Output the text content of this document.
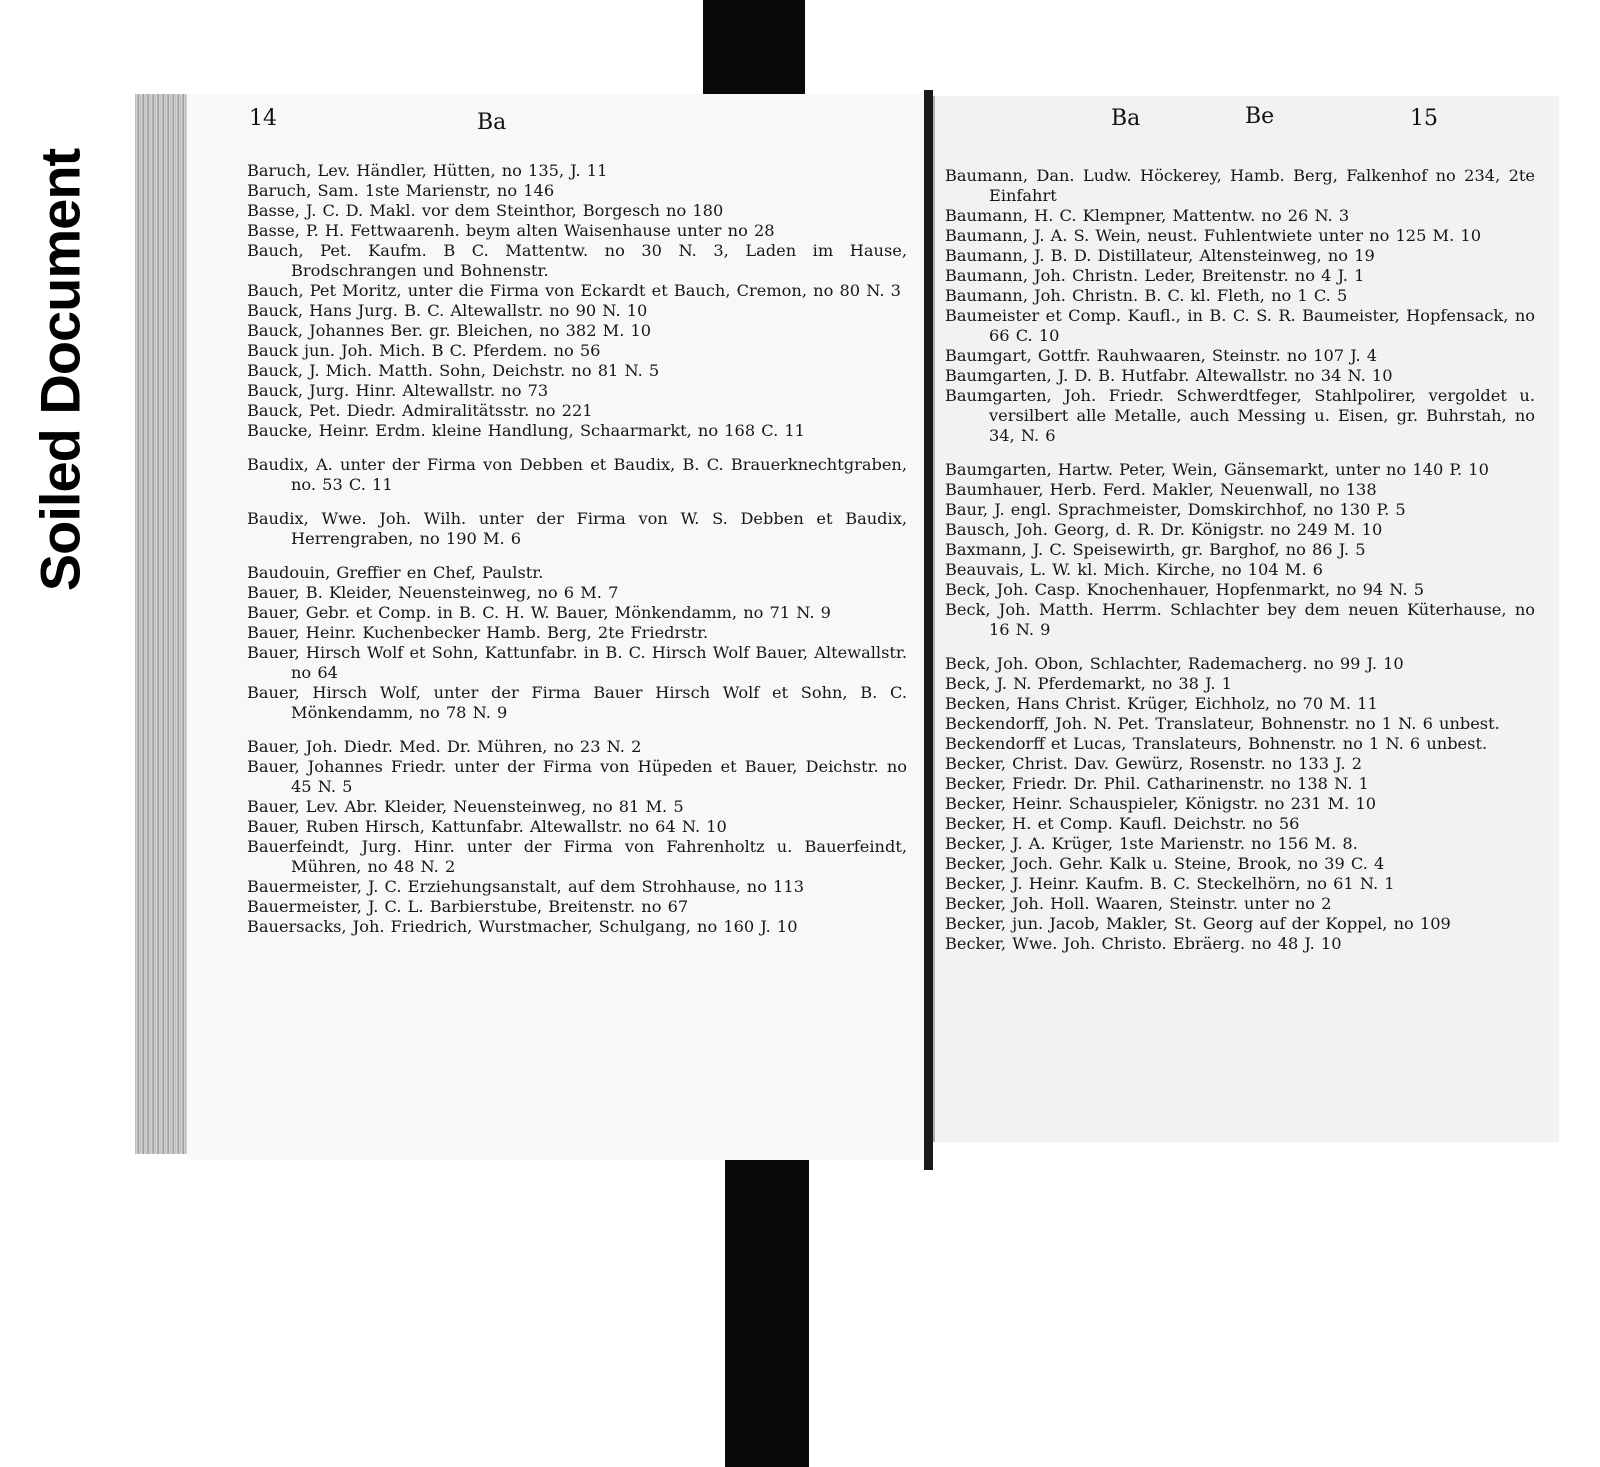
Soiled Document
14	Ba
Baruch, Lev. Händler, Hütten, no 135, J. 11
Baruch, Sam. 1ste Marienstr, no 146
Basse, J. C. D. Makl. vor dem Steinthor, Borgesch no 180
Basse, P. H. Fettwaarenh. beym alten Waisenhause unter no 28
Bauch, Pet. Kaufm. B C. Mattentw. no 30 N. 3, Laden im Hause, Brodschrangen und Bohnenstr.
Bauch, Pet Moritz, unter die Firma von Eckardt et Bauch, Cremon, no 80 N. 3
Bauck, Hans Jurg. B. C. Altewallstr. no 90 N. 10
Bauck, Johannes Ber. gr. Bleichen, no 382 M. 10
Bauck jun. Joh. Mich. B C. Pferdem. no 56
Bauck, J. Mich. Matth. Sohn, Deichstr. no 81 N. 5
Bauck, Jurg. Hinr. Altewallstr. no 73
Bauck, Pet. Diedr. Admiralitätsstr. no 221
Baucke, Heinr. Erdm. kleine Handlung, Schaarmarkt, no 168 C. 11
Baudix, A. unter der Firma von Debben et Baudix, B. C. Brauerknechtgraben, no. 53 C. 11
Baudix, Wwe. Joh. Wilh. unter der Firma von W. S. Debben et Baudix, Herrengraben, no 190 M. 6
Baudouin, Greffier en Chef, Paulstr.
Bauer, B. Kleider, Neuensteinweg, no 6 M. 7
Bauer, Gebr. et Comp. in B. C. H. W. Bauer, Mönkendamm, no 71 N. 9
Bauer, Heinr. Kuchenbecker Hamb. Berg, 2te Friedrstr.
Bauer, Hirsch Wolf et Sohn, Kattunfabr. in B. C. Hirsch Wolf Bauer, Altewallstr. no 64
Bauer, Hirsch Wolf, unter der Firma Bauer Hirsch Wolf et Sohn, B. C. Mönkendamm, no 78 N. 9
Bauer, Joh. Diedr. Med. Dr. Mühren, no 23 N. 2
Bauer, Johannes Friedr. unter der Firma von Hüpeden et Bauer, Deichstr. no 45 N. 5
Bauer, Lev. Abr. Kleider, Neuensteinweg, no 81 M. 5
Bauer, Ruben Hirsch, Kattunfabr. Altewallstr. no 64 N. 10
Bauerfeindt, Jurg. Hinr. unter der Firma von Fahrenholtz u. Bauerfeindt, Mühren, no 48 N. 2
Bauermeister, J. C. Erziehungsanstalt, auf dem Strohhause, no 113
Bauermeister, J. C. L. Barbierstube, Breitenstr. no 67
Bauersacks, Joh. Friedrich, Wurstmacher, Schulgang, no 160 J. 10
Ba	Be	15
Baumann, Dan. Ludw. Höckerey, Hamb. Berg, Falkenhof no 234, 2te Einfahrt
Baumann, H. C. Klempner, Mattentw. no 26 N. 3
Baumann, J. A. S. Wein, neust. Fuhlentwiete unter no 125 M. 10
Baumann, J. B. D. Distillateur, Altensteinweg, no 19
Baumann, Joh. Christn. Leder, Breitenstr. no 4 J. 1
Baumann, Joh. Christn. B. C. kl. Fleth, no 1 C. 5
Baumeister et Comp. Kaufl., in B. C. S. R. Baumeister, Hopfensack, no 66 C. 10
Baumgart, Gottfr. Rauhwaaren, Steinstr. no 107 J. 4
Baumgarten, J. D. B. Hutfabr. Altewallstr. no 34 N. 10
Baumgarten, Joh. Friedr. Schwerdtfeger, Stahlpolirer, vergoldet u. versilbert alle Metalle, auch Messing u. Eisen, gr. Buhrstah, no 34, N. 6
Baumgarten, Hartw. Peter, Wein, Gänsemarkt, unter no 140 P. 10
Baumhauer, Herb. Ferd. Makler, Neuenwall, no 138
Baur, J. engl. Sprachmeister, Domskirchhof, no 130 P. 5
Bausch, Joh. Georg, d. R. Dr. Königstr. no 249 M. 10
Baxmann, J. C. Speisewirth, gr. Barghof, no 86 J. 5
Beauvais, L. W. kl. Mich. Kirche, no 104 M. 6
Beck, Joh. Casp. Knochenhauer, Hopfenmarkt, no 94 N. 5
Beck, Joh. Matth. Herrm. Schlachter bey dem neuen Küterhause, no 16 N. 9
Beck, Joh. Obon, Schlachter, Rademacherg. no 99 J. 10
Beck, J. N. Pferdemarkt, no 38 J. 1
Becken, Hans Christ. Krüger, Eichholz, no 70 M. 11
Beckendorff, Joh. N. Pet. Translateur, Bohnenstr. no 1 N. 6 unbest.
Beckendorff et Lucas, Translateurs, Bohnenstr. no 1 N. 6 unbest.
Becker, Christ. Dav. Gewürz, Rosenstr. no 133 J. 2
Becker, Friedr. Dr. Phil. Catharinenstr. no 138 N. 1
Becker, Heinr. Schauspieler, Königstr. no 231 M. 10
Becker, H. et Comp. Kaufl. Deichstr. no 56
Becker, J. A. Krüger, 1ste Marienstr. no 156 M. 8.
Becker, Joch. Gehr. Kalk u. Steine, Brook, no 39 C. 4
Becker, J. Heinr. Kaufm. B. C. Steckelhörn, no 61 N. 1
Becker, Joh. Holl. Waaren, Steinstr. unter no 2
Becker, jun. Jacob, Makler, St. Georg auf der Koppel, no 109
Becker, Wwe. Joh. Christo. Ebräerg. no 48 J. 10
